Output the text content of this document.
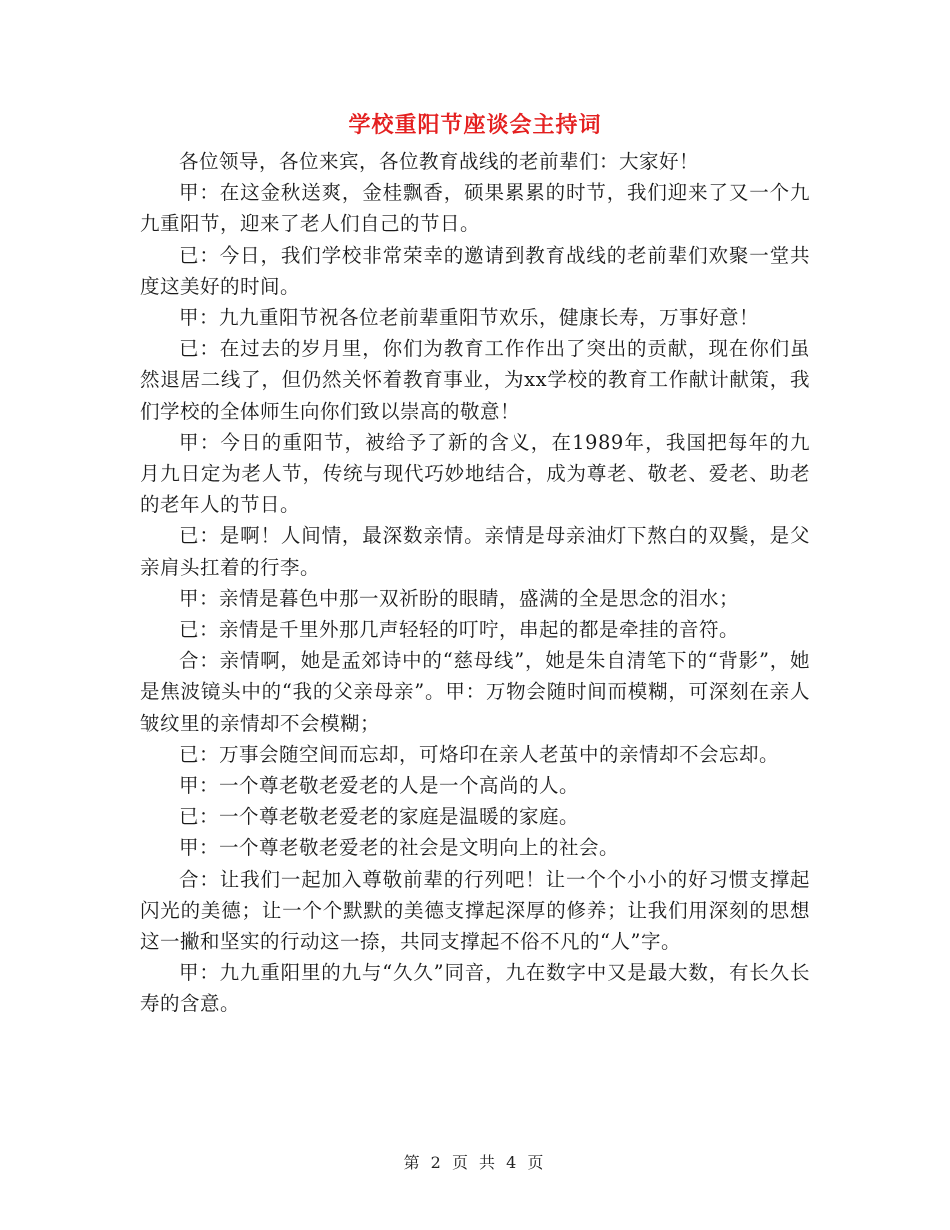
学校重阳节座谈会主持词

各位领导，各位来宾，各位教育战线的老前辈们：大家好！

甲：在这金秋送爽，金桂飘香，硕果累累的时节，我们迎来了又一个九九重阳节，迎来了老人们自己的节日。

已：今日，我们学校非常荣幸的邀请到教育战线的老前辈们欢聚一堂共度这美好的时间。

甲：九九重阳节祝各位老前辈重阳节欢乐，健康长寿，万事好意！

已：在过去的岁月里，你们为教育工作作出了突出的贡献，现在你们虽然退居二线了，但仍然关怀着教育事业，为xx学校的教育工作献计献策，我们学校的全体师生向你们致以崇高的敬意！

甲：今日的重阳节，被给予了新的含义，在1989年，我国把每年的九月九日定为老人节，传统与现代巧妙地结合，成为尊老、敬老、爱老、助老的老年人的节日。

已：是啊！人间情，最深数亲情。亲情是母亲油灯下熬白的双鬓，是父亲肩头扛着的行李。

甲：亲情是暮色中那一双祈盼的眼睛，盛满的全是思念的泪水；

已：亲情是千里外那几声轻轻的叮咛，串起的都是牵挂的音符。

合：亲情啊，她是孟郊诗中的“慈母线”，她是朱自清笔下的“背影”，她是焦波镜头中的“我的父亲母亲”。甲：万物会随时间而模糊，可深刻在亲人皱纹里的亲情却不会模糊；

已：万事会随空间而忘却，可烙印在亲人老茧中的亲情却不会忘却。

甲：一个尊老敬老爱老的人是一个高尚的人。

已：一个尊老敬老爱老的家庭是温暖的家庭。

甲：一个尊老敬老爱老的社会是文明向上的社会。

合：让我们一起加入尊敬前辈的行列吧！让一个个小小的好习惯支撑起闪光的美德；让一个个默默的美德支撑起深厚的修养；让我们用深刻的思想这一撇和坚实的行动这一捺，共同支撑起不俗不凡的“人”字。

甲：九九重阳里的九与“久久”同音，九在数字中又是最大数，有长久长寿的含意。

第 2 页 共 4 页
